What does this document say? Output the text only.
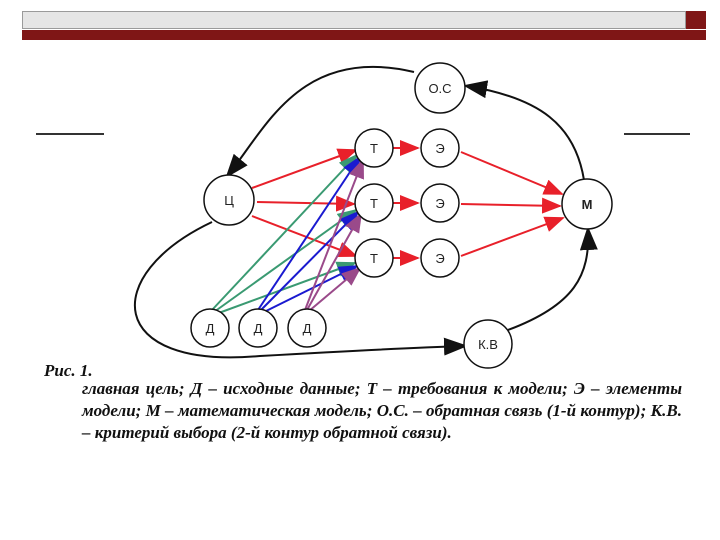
О.С
Ц	М
К.В
Т
Т
Т
Э
Э
Э
Д	Д	Д
Рис. 1.
главная цель; Д – исходные данные; Т – требования к модели; Э – элементы модели; М – математическая модель; О.С. – обратная связь (1-й контур); К.В. – критерий выбора (2-й контур обратной связи).
